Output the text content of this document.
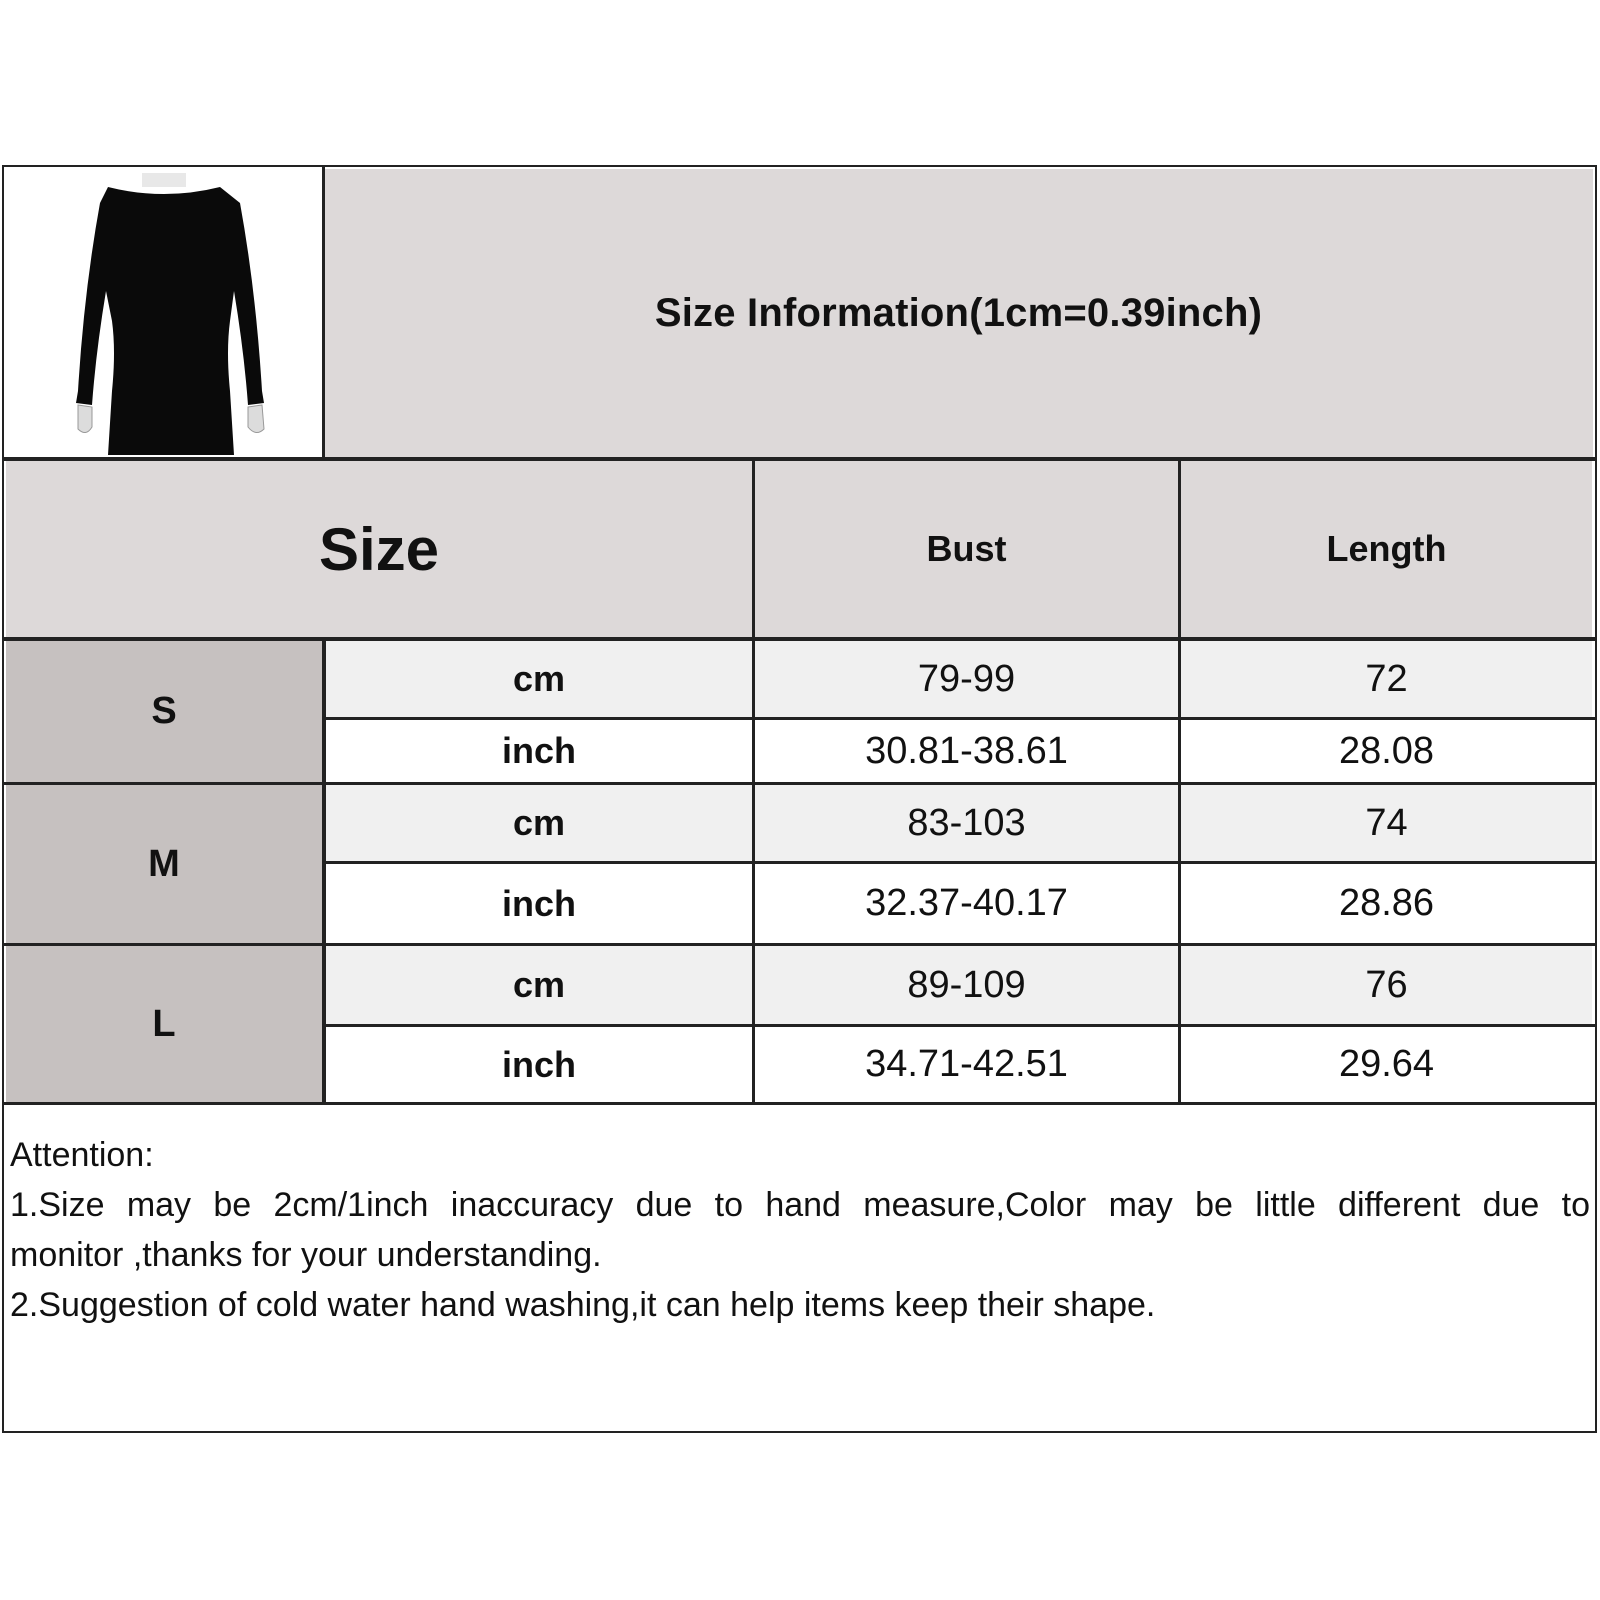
Size Information(1cm=0.39inch)
Size	Bust	Length
S
cm	79-99	72
inch	30.81-38.61	28.08
M
cm	83-103	74
inch	32.37-40.17	28.86
L
cm	89-109	76
inch	34.71-42.51	29.64
Attention:
1.Size may be 2cm/1inch inaccuracy due to hand measure,Color may be little different due to
monitor ,thanks for your understanding.
2.Suggestion of cold water hand washing,it can help items keep their shape.
